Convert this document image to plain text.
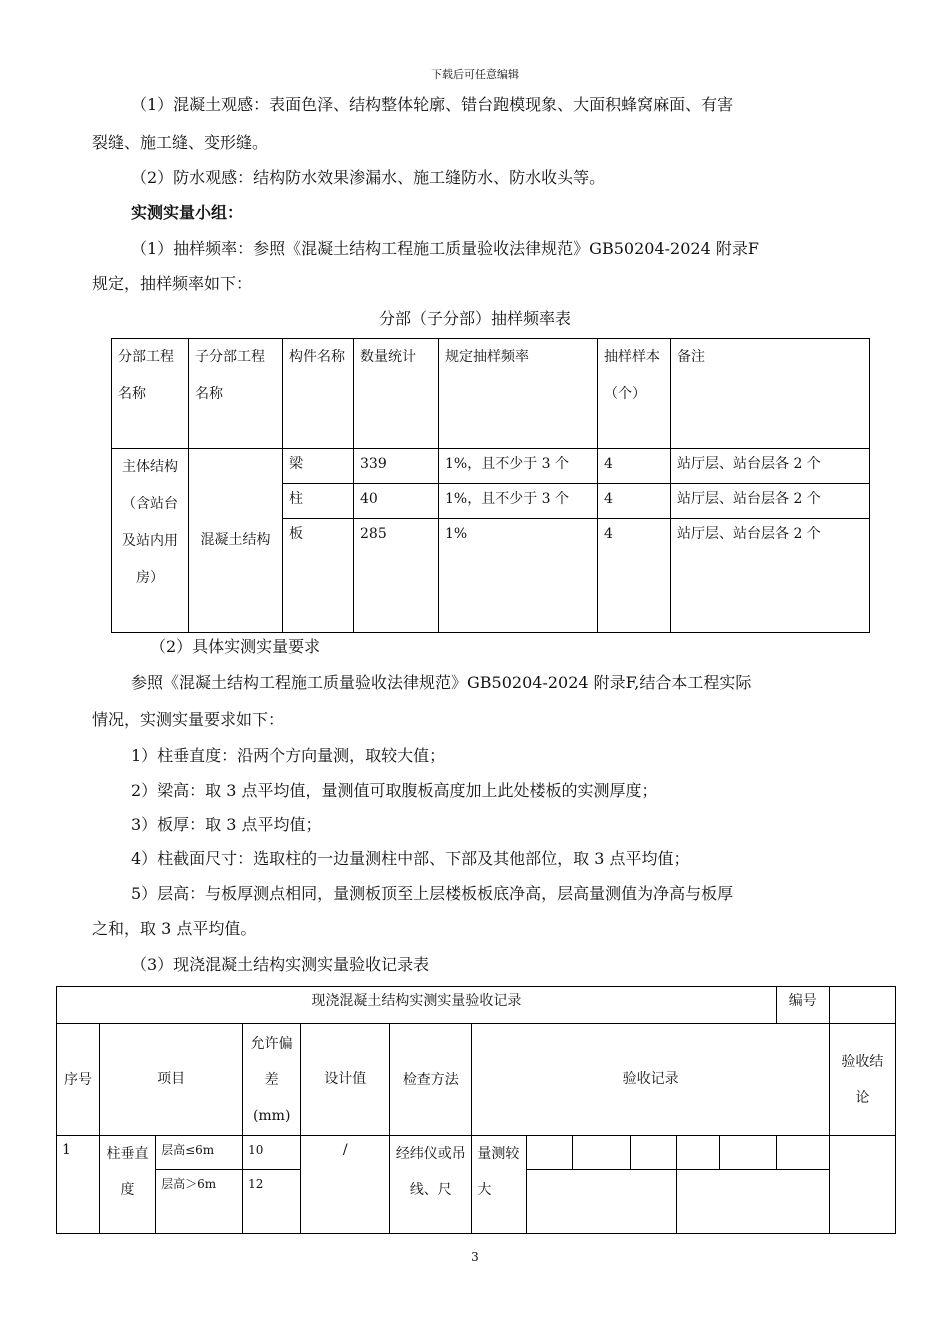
下载后可任意编辑
（1）混凝土观感：表面色泽、结构整体轮廓、错台跑模现象、大面积蜂窝麻面、有害
裂缝、施工缝、变形缝。
（2）防水观感：结构防水效果渗漏水、施工缝防水、防水收头等。
实测实量小组：
（1）抽样频率：参照《混凝土结构工程施工质量验收法律规范》GB50204-2024 附录F
规定，抽样频率如下：
分部（子分部）抽样频率表
分部工程名称	子分部工程名称	构件名称	数量统计	规定抽样频率	抽样样本（个）	备注
主体结构（含站台及站内用房）	混凝土结构	梁	339	1%，且不少于 3 个	4	站厅层、站台层各 2 个
		柱	40	1%，且不少于 3 个	4	站厅层、站台层各 2 个
		板	285	1%	4	站厅层、站台层各 2 个
（2）具体实测实量要求
参照《混凝土结构工程施工质量验收法律规范》GB50204-2024 附录F,结合本工程实际
情况，实测实量要求如下：
1）柱垂直度：沿两个方向量测，取较大值；
2）梁高：取 3 点平均值，量测值可取腹板高度加上此处楼板的实测厚度；
3）板厚：取 3 点平均值；
4）柱截面尺寸：选取柱的一边量测柱中部、下部及其他部位，取 3 点平均值；
5）层高：与板厚测点相同，量测板顶至上层楼板板底净高，层高量测值为净高与板厚
之和，取 3 点平均值。
（3）现浇混凝土结构实测实量验收记录表
现浇混凝土结构实测实量验收记录												编号	
序号	项目		允许偏差(mm)	设计值	检查方法	验收记录							验收结论
1	柱垂直度	层高≤6m	10	/	经纬仪或吊线、尺	量测较大							
		层高＞6m	12										
3
